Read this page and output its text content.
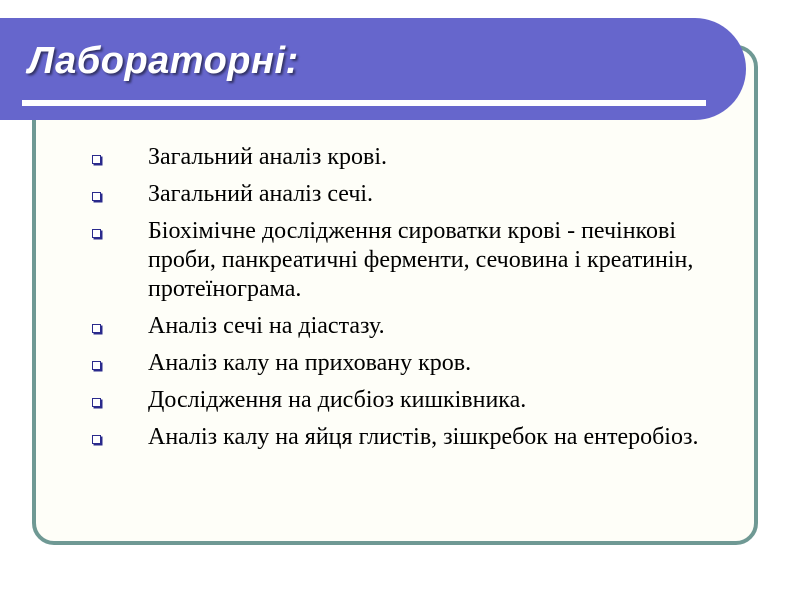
Лабораторні:
Загальний аналіз крові.
Загальний аналіз сечі.
Біохімічне дослідження сироватки крові - печінкові проби, панкреатичні ферменти, сечовина і креатинін, протеїнограма.
Аналіз сечі на діастазу.
Аналіз калу на приховану кров.
Дослідження на дисбіоз кишківника.
Аналіз калу на яйця глистів, зішкребок на ентеробіоз.
